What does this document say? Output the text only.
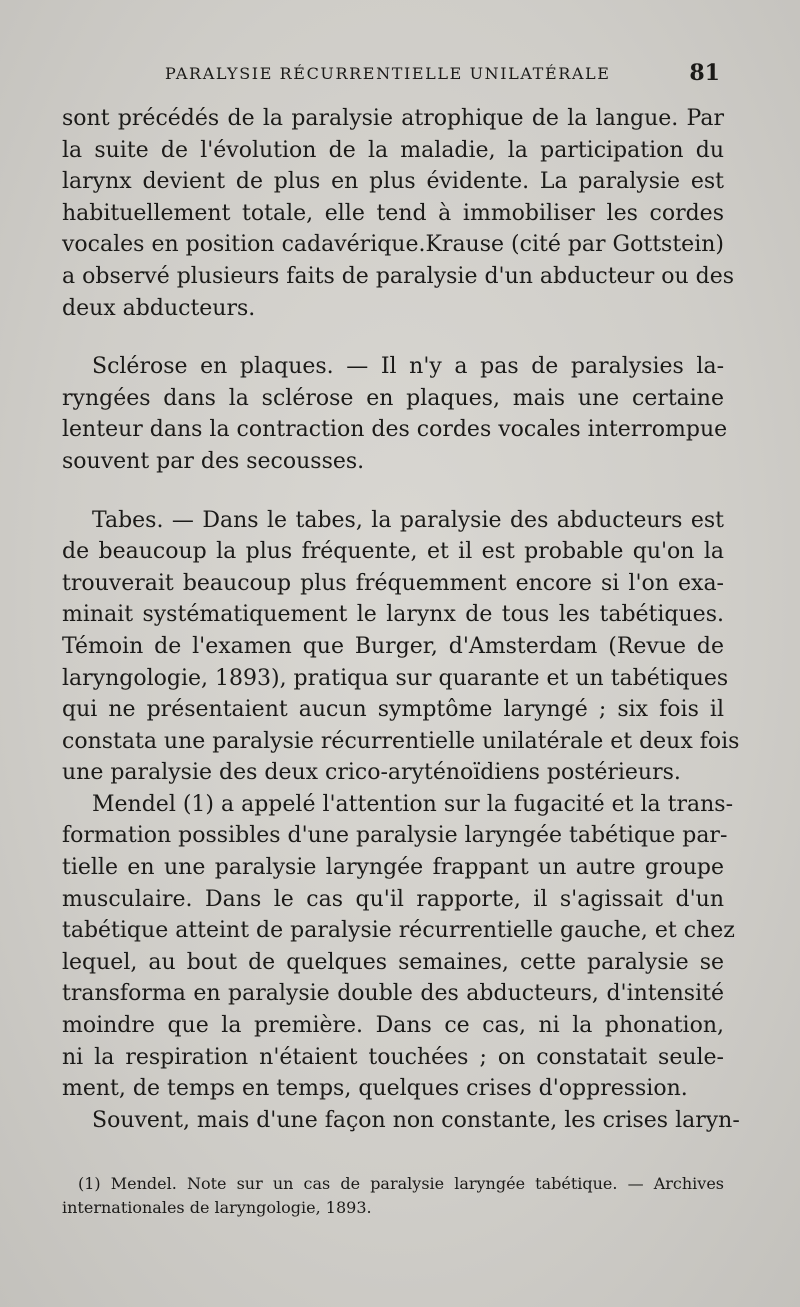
PARALYSIE RÉCURRENTIELLE UNILATÉRALE	81
sont précédés de la paralysie atrophique de la langue. Par
la suite de l'évolution de la maladie, la participation du
larynx devient de plus en plus évidente. La paralysie est
habituellement totale, elle tend à immobiliser les cordes
vocales en position cadavérique.Krause (cité par Gottstein)
a observé plusieurs faits de paralysie d'un abducteur ou des
deux abducteurs.
Sclérose en plaques. — Il n'y a pas de paralysies la-
ryngées dans la sclérose en plaques, mais une certaine
lenteur dans la contraction des cordes vocales interrompue
souvent par des secousses.
Tabes. — Dans le tabes, la paralysie des abducteurs est
de beaucoup la plus fréquente, et il est probable qu'on la
trouverait beaucoup plus fréquemment encore si l'on exa-
minait systématiquement le larynx de tous les tabétiques.
Témoin de l'examen que Burger, d'Amsterdam (Revue de
laryngologie, 1893), pratiqua sur quarante et un tabétiques
qui ne présentaient aucun symptôme laryngé ; six fois il
constata une paralysie récurrentielle unilatérale et deux fois
une paralysie des deux crico-aryténoïdiens postérieurs.
Mendel (1) a appelé l'attention sur la fugacité et la trans-
formation possibles d'une paralysie laryngée tabétique par-
tielle en une paralysie laryngée frappant un autre groupe
musculaire. Dans le cas qu'il rapporte, il s'agissait d'un
tabétique atteint de paralysie récurrentielle gauche, et chez
lequel, au bout de quelques semaines, cette paralysie se
transforma en paralysie double des abducteurs, d'intensité
moindre que la première. Dans ce cas, ni la phonation,
ni la respiration n'étaient touchées ; on constatait seule-
ment, de temps en temps, quelques crises d'oppression.
Souvent, mais d'une façon non constante, les crises laryn-
(1) Mendel. Note sur un cas de paralysie laryngée tabétique. — Archives
internationales de laryngologie, 1893.
